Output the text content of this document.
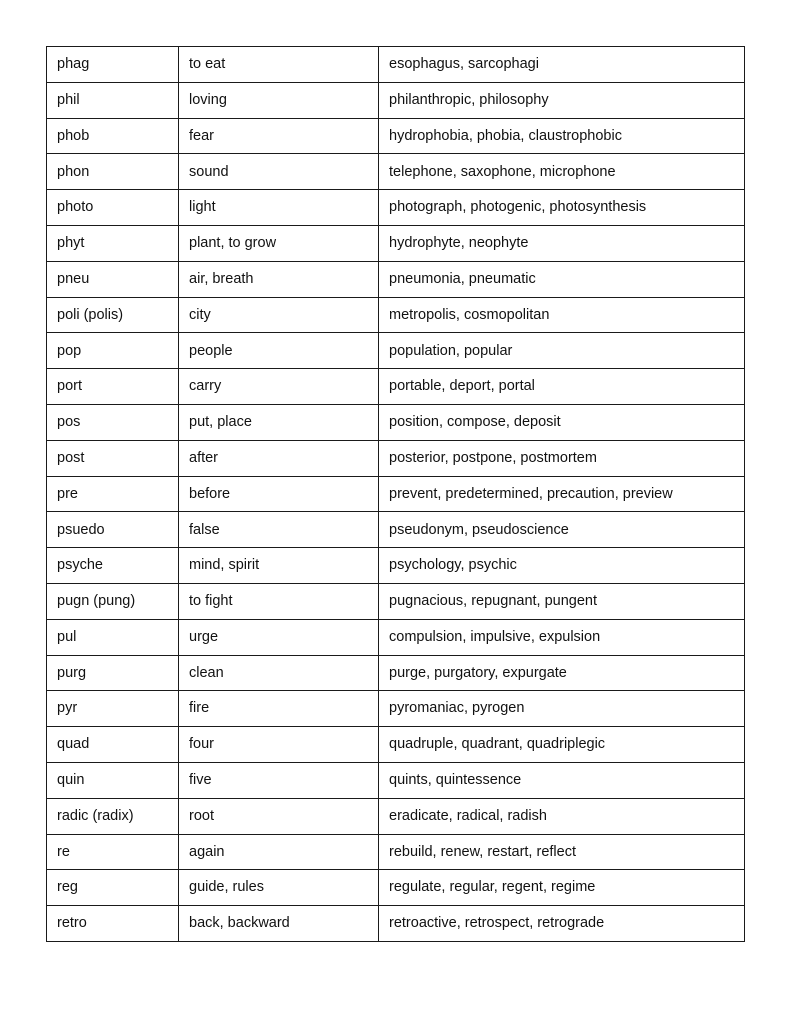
phag	to eat	esophagus, sarcophagi
phil	loving	philanthropic, philosophy
phob	fear	hydrophobia, phobia, claustrophobic
phon	sound	telephone, saxophone, microphone
photo	light	photograph, photogenic, photosynthesis
phyt	plant, to grow	hydrophyte, neophyte
pneu	air, breath	pneumonia, pneumatic
poli (polis)	city	metropolis, cosmopolitan
pop	people	population, popular
port	carry	portable, deport, portal
pos	put, place	position, compose, deposit
post	after	posterior, postpone, postmortem
pre	before	prevent, predetermined, precaution, preview
psuedo	false	pseudonym, pseudoscience
psyche	mind, spirit	psychology, psychic
pugn (pung)	to fight	pugnacious, repugnant, pungent
pul	urge	compulsion, impulsive, expulsion
purg	clean	purge, purgatory, expurgate
pyr	fire	pyromaniac, pyrogen
quad	four	quadruple, quadrant, quadriplegic
quin	five	quints, quintessence
radic (radix)	root	eradicate, radical, radish
re	again	rebuild, renew, restart, reflect
reg	guide, rules	regulate, regular, regent, regime
retro	back, backward	retroactive, retrospect, retrograde
